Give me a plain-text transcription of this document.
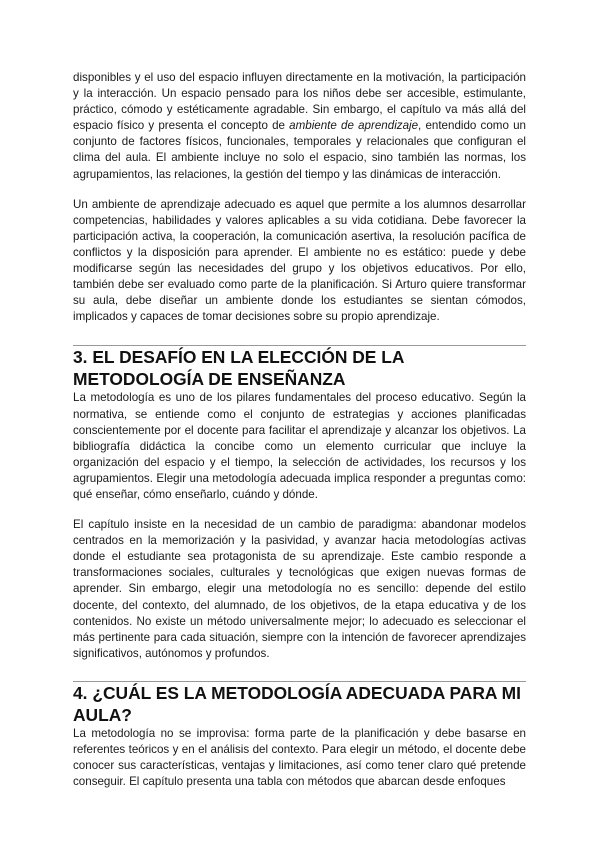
disponibles y el uso del espacio influyen directamente en la motivación, la participación y la interacción. Un espacio pensado para los niños debe ser accesible, estimulante, práctico, cómodo y estéticamente agradable. Sin embargo, el capítulo va más allá del espacio físico y presenta el concepto de ambiente de aprendizaje, entendido como un conjunto de factores físicos, funcionales, temporales y relacionales que configuran el clima del aula. El ambiente incluye no solo el espacio, sino también las normas, los agrupamientos, las relaciones, la gestión del tiempo y las dinámicas de interacción.

Un ambiente de aprendizaje adecuado es aquel que permite a los alumnos desarrollar competencias, habilidades y valores aplicables a su vida cotidiana. Debe favorecer la participación activa, la cooperación, la comunicación asertiva, la resolución pacífica de conflictos y la disposición para aprender. El ambiente no es estático: puede y debe modificarse según las necesidades del grupo y los objetivos educativos. Por ello, también debe ser evaluado como parte de la planificación. Si Arturo quiere transformar su aula, debe diseñar un ambiente donde los estudiantes se sientan cómodos, implicados y capaces de tomar decisiones sobre su propio aprendizaje.

3. EL DESAFÍO EN LA ELECCIÓN DE LA METODOLOGÍA DE ENSEÑANZA

La metodología es uno de los pilares fundamentales del proceso educativo. Según la normativa, se entiende como el conjunto de estrategias y acciones planificadas conscientemente por el docente para facilitar el aprendizaje y alcanzar los objetivos. La bibliografía didáctica la concibe como un elemento curricular que incluye la organización del espacio y el tiempo, la selección de actividades, los recursos y los agrupamientos. Elegir una metodología adecuada implica responder a preguntas como: qué enseñar, cómo enseñarlo, cuándo y dónde.

El capítulo insiste en la necesidad de un cambio de paradigma: abandonar modelos centrados en la memorización y la pasividad, y avanzar hacia metodologías activas donde el estudiante sea protagonista de su aprendizaje. Este cambio responde a transformaciones sociales, culturales y tecnológicas que exigen nuevas formas de aprender. Sin embargo, elegir una metodología no es sencillo: depende del estilo docente, del contexto, del alumnado, de los objetivos, de la etapa educativa y de los contenidos. No existe un método universalmente mejor; lo adecuado es seleccionar el más pertinente para cada situación, siempre con la intención de favorecer aprendizajes significativos, autónomos y profundos.

4. ¿CUÁL ES LA METODOLOGÍA ADECUADA PARA MI AULA?

La metodología no se improvisa: forma parte de la planificación y debe basarse en referentes teóricos y en el análisis del contexto. Para elegir un método, el docente debe conocer sus características, ventajas y limitaciones, así como tener claro qué pretende conseguir. El capítulo presenta una tabla con métodos que abarcan desde enfoques
